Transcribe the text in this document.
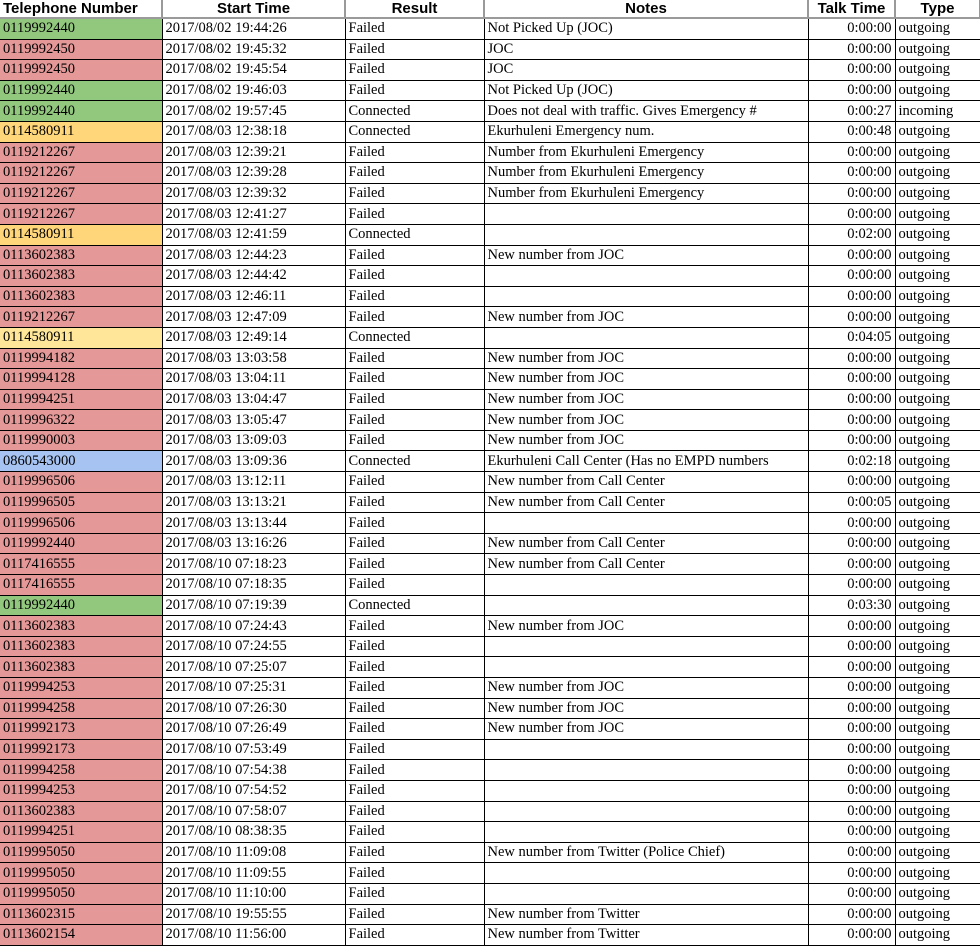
Telephone Number	Start Time	Result	Notes	Talk Time	Type
0119992440	2017/08/02 19:44:26	Failed	Not Picked Up (JOC)	0:00:00	outgoing
0119992450	2017/08/02 19:45:32	Failed	JOC	0:00:00	outgoing
0119992450	2017/08/02 19:45:54	Failed	JOC	0:00:00	outgoing
0119992440	2017/08/02 19:46:03	Failed	Not Picked Up (JOC)	0:00:00	outgoing
0119992440	2017/08/02 19:57:45	Connected	Does not deal with traffic. Gives Emergency #	0:00:27	incoming
0114580911	2017/08/03 12:38:18	Connected	Ekurhuleni Emergency num.	0:00:48	outgoing
0119212267	2017/08/03 12:39:21	Failed	Number from Ekurhuleni Emergency	0:00:00	outgoing
0119212267	2017/08/03 12:39:28	Failed	Number from Ekurhuleni Emergency	0:00:00	outgoing
0119212267	2017/08/03 12:39:32	Failed	Number from Ekurhuleni Emergency	0:00:00	outgoing
0119212267	2017/08/03 12:41:27	Failed		0:00:00	outgoing
0114580911	2017/08/03 12:41:59	Connected		0:02:00	outgoing
0113602383	2017/08/03 12:44:23	Failed	New number from JOC	0:00:00	outgoing
0113602383	2017/08/03 12:44:42	Failed		0:00:00	outgoing
0113602383	2017/08/03 12:46:11	Failed		0:00:00	outgoing
0119212267	2017/08/03 12:47:09	Failed	New number from JOC	0:00:00	outgoing
0114580911	2017/08/03 12:49:14	Connected		0:04:05	outgoing
0119994182	2017/08/03 13:03:58	Failed	New number from JOC	0:00:00	outgoing
0119994128	2017/08/03 13:04:11	Failed	New number from JOC	0:00:00	outgoing
0119994251	2017/08/03 13:04:47	Failed	New number from JOC	0:00:00	outgoing
0119996322	2017/08/03 13:05:47	Failed	New number from JOC	0:00:00	outgoing
0119990003	2017/08/03 13:09:03	Failed	New number from JOC	0:00:00	outgoing
0860543000	2017/08/03 13:09:36	Connected	Ekurhuleni Call Center (Has no EMPD numbers	0:02:18	outgoing
0119996506	2017/08/03 13:12:11	Failed	New number from Call Center	0:00:00	outgoing
0119996505	2017/08/03 13:13:21	Failed	New number from Call Center	0:00:05	outgoing
0119996506	2017/08/03 13:13:44	Failed		0:00:00	outgoing
0119992440	2017/08/03 13:16:26	Failed	New number from Call Center	0:00:00	outgoing
0117416555	2017/08/10 07:18:23	Failed	New number from Call Center	0:00:00	outgoing
0117416555	2017/08/10 07:18:35	Failed		0:00:00	outgoing
0119992440	2017/08/10 07:19:39	Connected		0:03:30	outgoing
0113602383	2017/08/10 07:24:43	Failed	New number from JOC	0:00:00	outgoing
0113602383	2017/08/10 07:24:55	Failed		0:00:00	outgoing
0113602383	2017/08/10 07:25:07	Failed		0:00:00	outgoing
0119994253	2017/08/10 07:25:31	Failed	New number from JOC	0:00:00	outgoing
0119994258	2017/08/10 07:26:30	Failed	New number from JOC	0:00:00	outgoing
0119992173	2017/08/10 07:26:49	Failed	New number from JOC	0:00:00	outgoing
0119992173	2017/08/10 07:53:49	Failed		0:00:00	outgoing
0119994258	2017/08/10 07:54:38	Failed		0:00:00	outgoing
0119994253	2017/08/10 07:54:52	Failed		0:00:00	outgoing
0113602383	2017/08/10 07:58:07	Failed		0:00:00	outgoing
0119994251	2017/08/10 08:38:35	Failed		0:00:00	outgoing
0119995050	2017/08/10 11:09:08	Failed	New number from Twitter (Police Chief)	0:00:00	outgoing
0119995050	2017/08/10 11:09:55	Failed		0:00:00	outgoing
0119995050	2017/08/10 11:10:00	Failed		0:00:00	outgoing
0113602315	2017/08/10 19:55:55	Failed	New number from Twitter	0:00:00	outgoing
0113602154	2017/08/10 11:56:00	Failed	New number from Twitter	0:00:00	outgoing
